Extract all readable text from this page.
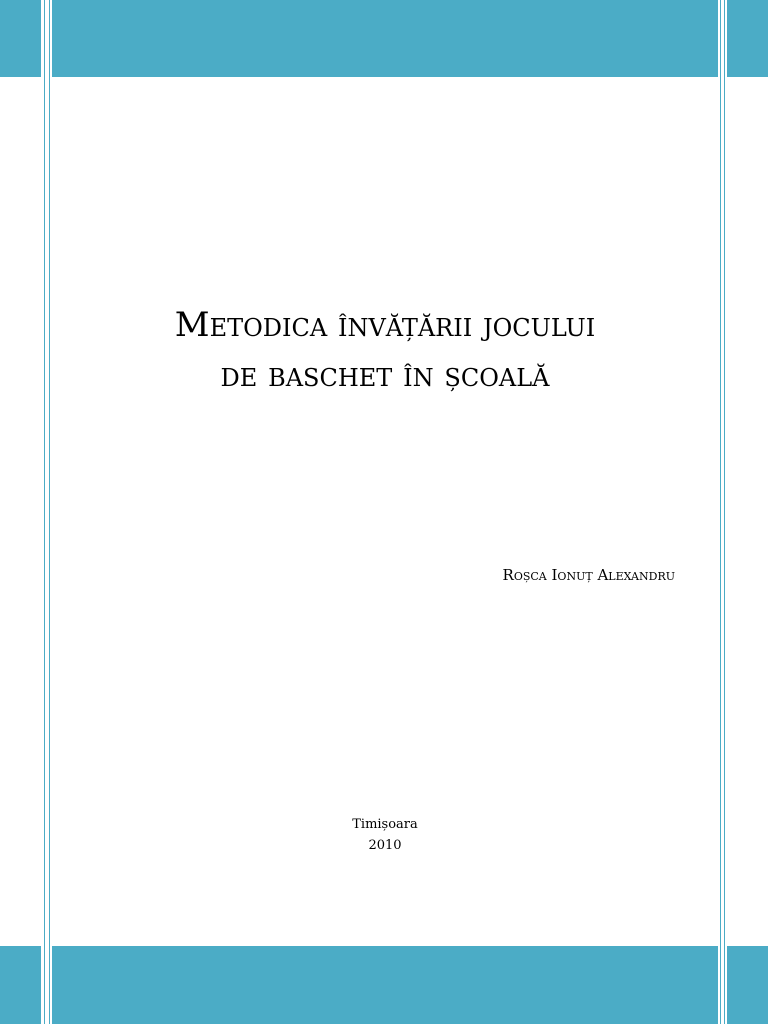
Metodica învățării jocului
de baschet în școală
Roșca Ionuț Alexandru
Timișoara
2010
